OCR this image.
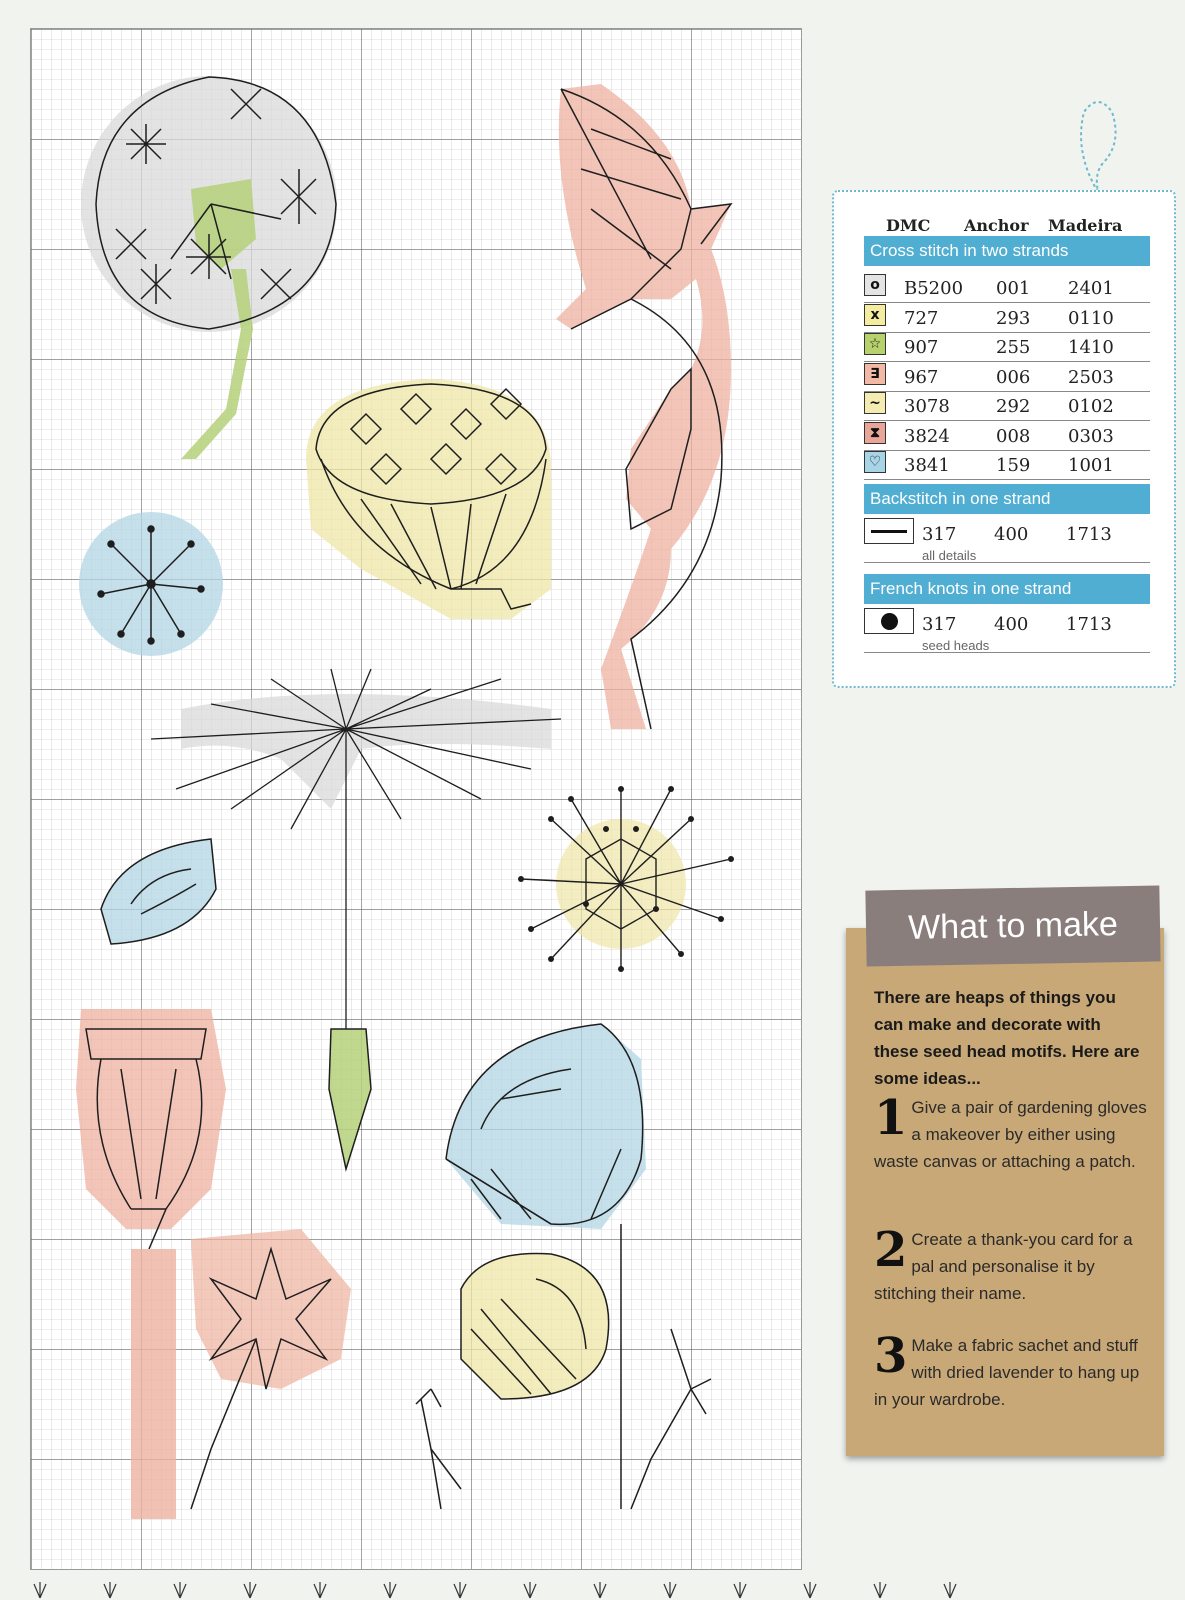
DMC Anchor Madeira
Cross stitch in two strands
o	B5200 001 2401
x	727	293 0110
☆ 907	255 1410
∃	967	006 2503
~ 3078	292 0102
⧗	3824	008 0303
♡ 3841	159 1001
Backstitch in one strand
317 400 1713
all details
French knots in one strand
317 400 1713
seed heads
What to make
There are heaps of things you can make and decorate with these seed head motifs. Here are some ideas...
1 Give a pair of gardening gloves a makeover by either using waste canvas or attaching a patch.
2 Create a thank-you card for a pal and personalise it by stitching their name.
3 Make a fabric sachet and stuff with dried lavender to hang up in your wardrobe.
